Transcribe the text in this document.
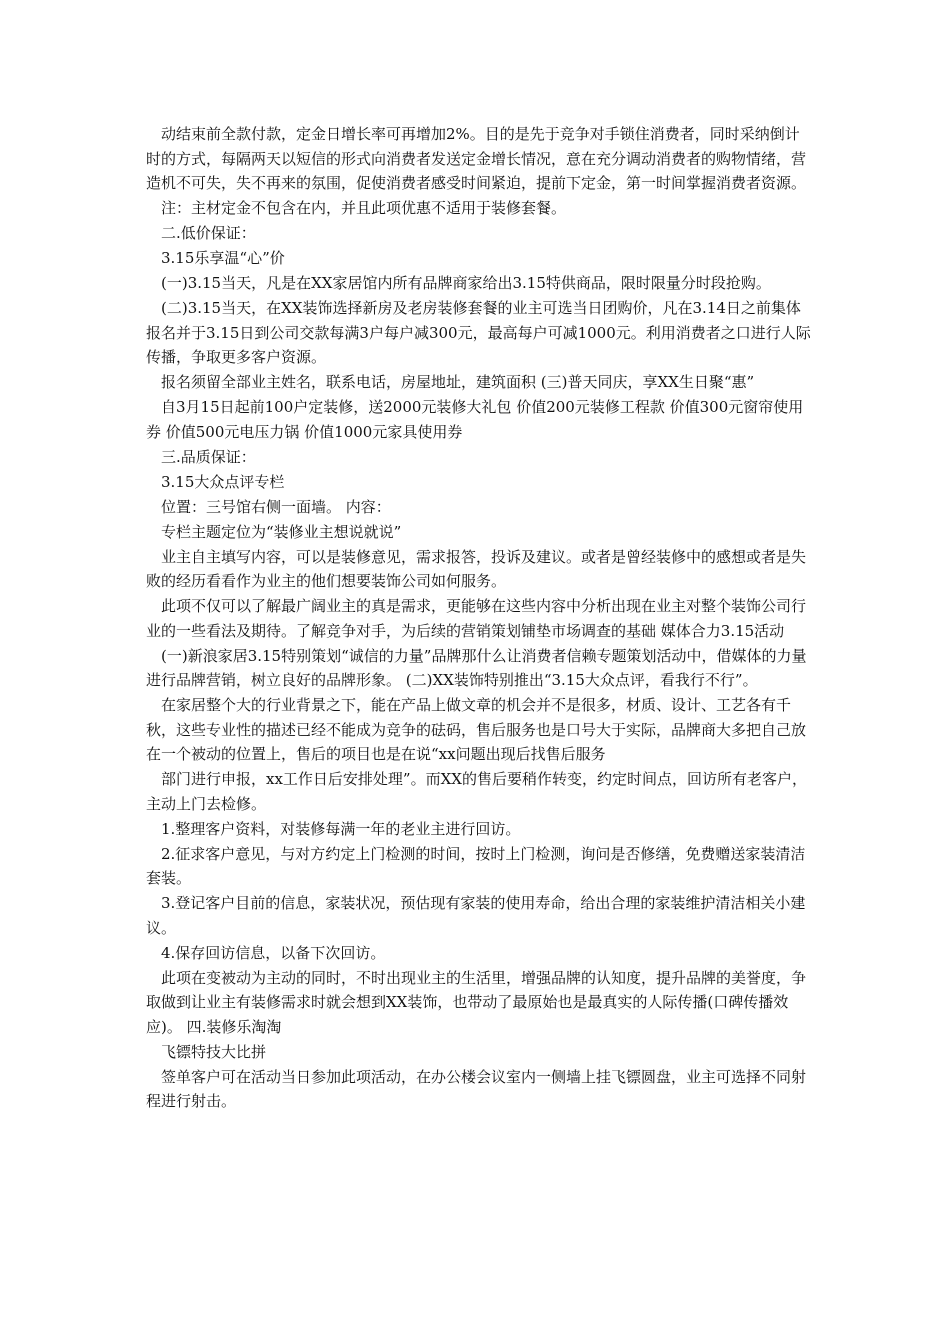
动结束前全款付款，定金日增长率可再增加2%。目的是先于竞争对手锁住消费者，同时采纳倒计时的方式，每隔两天以短信的形式向消费者发送定金增长情况，意在充分调动消费者的购物情绪，营造机不可失，失不再来的氛围，促使消费者感受时间紧迫，提前下定金，第一时间掌握消费者资源。

注：主材定金不包含在内，并且此项优惠不适用于装修套餐。

二.低价保证：

3.15乐享温“心”价

(一)3.15当天，凡是在XX家居馆内所有品牌商家给出3.15特供商品，限时限量分时段抢购。

(二)3.15当天，在XX装饰选择新房及老房装修套餐的业主可选当日团购价，凡在3.14日之前集体报名并于3.15日到公司交款每满3户每户减300元，最高每户可减1000元。利用消费者之口进行人际传播，争取更多客户资源。

报名须留全部业主姓名，联系电话，房屋地址，建筑面积 (三)普天同庆，享XX生日聚“惠”

自3月15日起前100户定装修，送2000元装修大礼包 价值200元装修工程款 价值300元窗帘使用券 价值500元电压力锅 价值1000元家具使用券

三.品质保证：

3.15大众点评专栏

位置：三号馆右侧一面墙。 内容：

专栏主题定位为“装修业主想说就说”

业主自主填写内容，可以是装修意见，需求报答，投诉及建议。或者是曾经装修中的感想或者是失败的经历看看作为业主的他们想要装饰公司如何服务。

此项不仅可以了解最广阔业主的真是需求，更能够在这些内容中分析出现在业主对整个装饰公司行业的一些看法及期待。了解竞争对手，为后续的营销策划铺垫市场调查的基础 媒体合力3.15活动

(一)新浪家居3.15特别策划“诚信的力量”品牌那什么让消费者信赖专题策划活动中，借媒体的力量进行品牌营销，树立良好的品牌形象。 (二)XX装饰特别推出“3.15大众点评，看我行不行”。

在家居整个大的行业背景之下，能在产品上做文章的机会并不是很多，材质、设计、工艺各有千秋，这些专业性的描述已经不能成为竞争的砝码，售后服务也是口号大于实际，品牌商大多把自己放在一个被动的位置上，售后的项目也是在说“xx问题出现后找售后服务

部门进行申报，xx工作日后安排处理”。而XX的售后要稍作转变，约定时间点，回访所有老客户，主动上门去检修。

1.整理客户资料，对装修每满一年的老业主进行回访。

2.征求客户意见，与对方约定上门检测的时间，按时上门检测，询问是否修缮，免费赠送家装清洁套装。

3.登记客户目前的信息，家装状况，预估现有家装的使用寿命，给出合理的家装维护清洁相关小建议。

4.保存回访信息，以备下次回访。

此项在变被动为主动的同时，不时出现业主的生活里，增强品牌的认知度，提升品牌的美誉度，争取做到让业主有装修需求时就会想到XX装饰，也带动了最原始也是最真实的人际传播(口碑传播效应)。 四.装修乐淘淘

飞镖特技大比拼

签单客户可在活动当日参加此项活动，在办公楼会议室内一侧墙上挂飞镖圆盘，业主可选择不同射程进行射击。
